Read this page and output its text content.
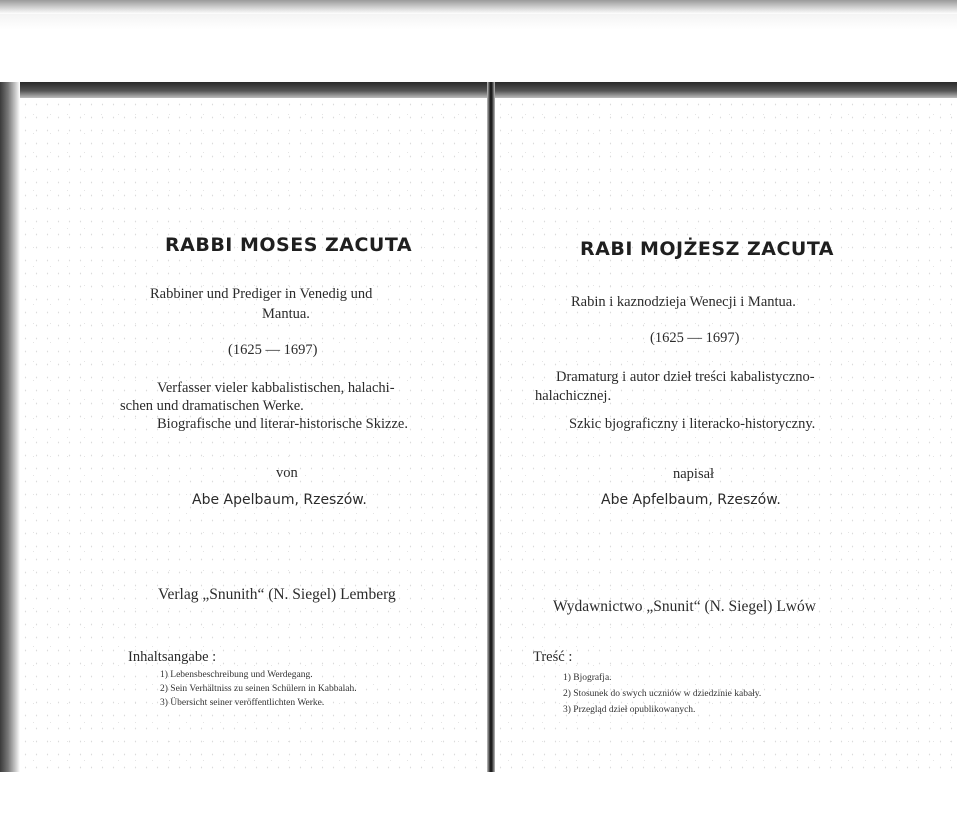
RABBI MOSES ZACUTA
Rabbiner und Prediger in Venedig und
Mantua.
(1625 — 1697)
Verfasser vieler kabbalistischen, halachi-
schen und dramatischen Werke.
Biografische und literar-historische Skizze.
von
Abe Apelbaum, Rzeszów.
Verlag „Snunith“ (N. Siegel) Lemberg
Inhaltsangabe :
1) Lebensbeschreibung und Werdegang.
2) Sein Verhältniss zu seinen Schülern in Kabbalah.
3) Übersicht seiner veröffentlichten Werke.
RABI MOJŻESZ ZACUTA
Rabin i kaznodzieja Wenecji i Mantua.
(1625 — 1697)
Dramaturg i autor dzieł treści kabalistyczno-
halachicznej.
Szkic bjograficzny i literacko-historyczny.
napisał
Abe Apfelbaum, Rzeszów.
Wydawnictwo „Snunit“ (N. Siegel) Lwów
Treść :
1) Bjografja.
2) Stosunek do swych uczniów w dziedzinie kabały.
3) Przegląd dzieł opublikowanych.
